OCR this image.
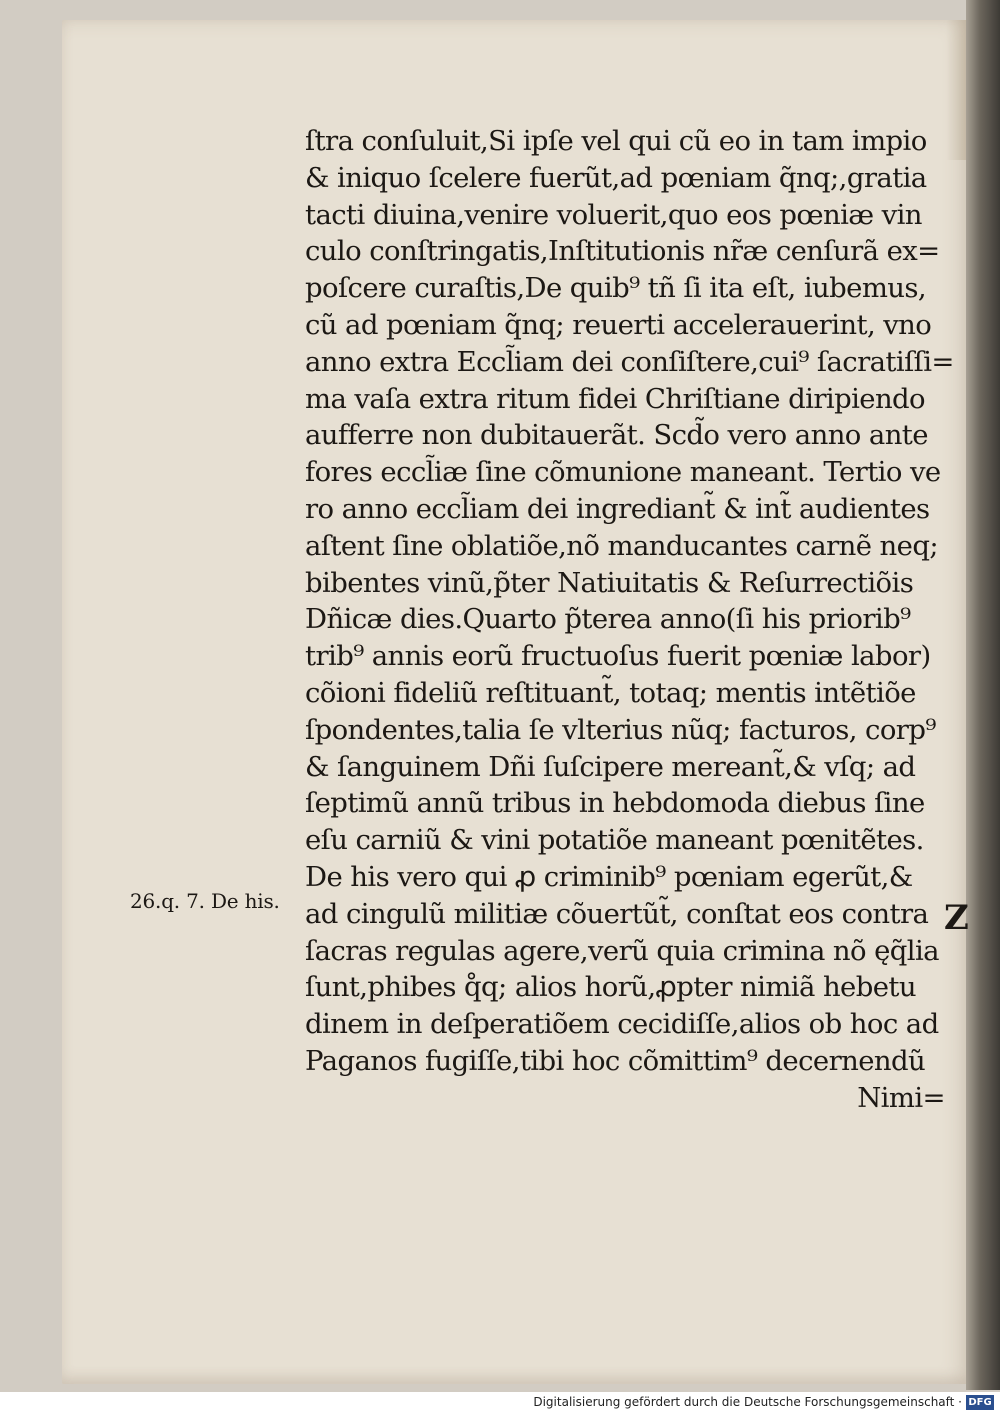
ſtra conſuluit,Si ipſe vel qui cũ eo in tam impio
& iniquo ſcelere fuerũt,ad pœniam q̃nq;,gratia
tacti diuina,venire voluerit,quo eos pœniæ vin
culo conſtringatis,Inſtitutionis nr̃æ cenſurã ex=
poſcere curaſtis,De quib⁹ tñ ſi ita eſt, iubemus,
cũ ad pœniam q̃nq; reuerti accelerauerint, vno
anno extra Eccl̃iam dei conſiſtere,cui⁹ ſacratiſſi=
ma vaſa extra ritum fidei Chriſtiane diripiendo
aufferre non dubitauerãt. Scd̃o vero anno ante
fores eccl̃iæ ſine cõmunione maneant. Tertio ve
ro anno eccl̃iam dei ingrediant̃ & int̃ audientes
aſtent ſine oblatiõe,nõ manducantes carnẽ neq;
bibentes vinũ,p̃ter Natiuitatis & Reſurrectiõis
Dñicæ dies.Quarto p̃terea anno(ſi his priorib⁹
trib⁹ annis eorũ fructuoſus fuerit pœniæ labor)
cõioni fideliũ reſtituant̃, totaq; mentis intẽtiõe
ſpondentes,talia ſe vlterius nũq; facturos, corp⁹
& ſanguinem Dñi ſuſcipere mereant̃,& vſq; ad
ſeptimũ annũ tribus in hebdomoda diebus ſine
eſu carniũ & vini potatiõe maneant pœnitẽtes.
De his vero qui ꝓ criminib⁹ pœniam egerũt,&
ad cingulũ militiæ cõuertũt̃, conſtat eos contra
ſacras regulas agere,verũ quia crimina nõ ęq̃lia
ſunt,phibes q̊q; alios horũ,ꝓpter nimiã hebetu
dinem in deſperatiõem cecidiſſe,alios ob hoc ad
Paganos fugiſſe,tibi hoc cõmittim⁹ decernendũ
Nimi=
26.q. 7. De his.	Z
Digitalisierung gefördert durch die Deutsche Forschungsgemeinschaft · DFG
